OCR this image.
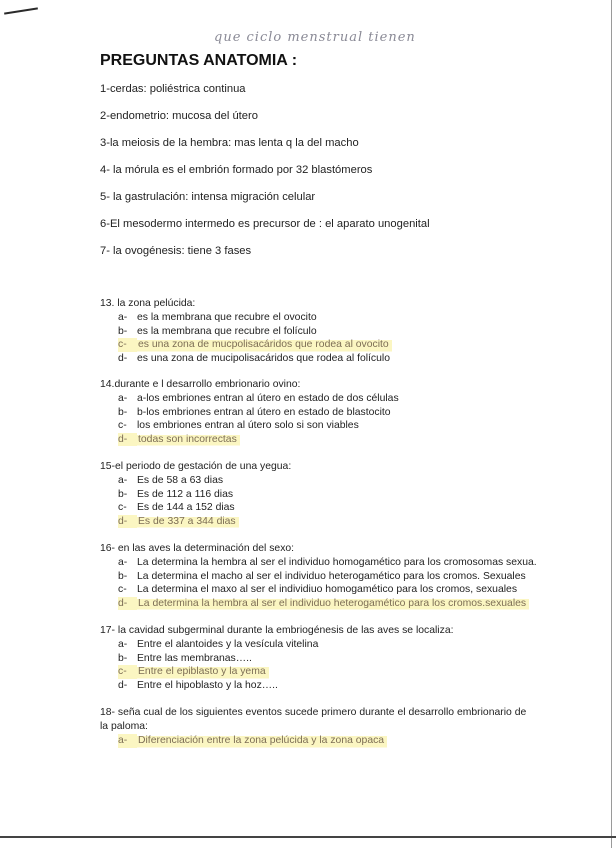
que ciclo menstrual tienen
PREGUNTAS ANATOMIA :
1-cerdas: poliéstrica continua
2-endometrio: mucosa del útero
3-la meiosis de la hembra: mas lenta q la del macho
4- la mórula es el embrión formado por 32 blastómeros
5- la gastrulación: intensa migración celular
6-El mesodermo intermedo es precursor de : el aparato unogenital
7- la ovogénesis: tiene 3 fases
13. la zona pelúcida:
a- es la membrana que recubre el ovocito
b- es la membrana que recubre el folículo
c-	es una zona de mucpolisacáridos que rodea al ovocito
d- es una zona de mucipolisacáridos que rodea al folículo
14.durante e l desarrollo embrionario ovino:
a- a-los embriones entran al útero en estado de dos células
b- b-los embriones entran al útero en estado de blastocito
c- los embriones entran al útero solo si son viables
d-	todas son incorrectas
15-el periodo de gestación de una yegua:
a- Es de 58 a 63 dias
b- Es de 112 a 116 dias
c- Es de 144 a 152 dias
d-	Es de 337 a 344 dias
16- en las aves la determinación del sexo:
a- La determina la hembra al ser el individuo homogamético para los cromosomas sexua.
b- La determina el macho al ser el individuo heterogamético para los cromos. Sexuales
c- La determina el maxo al ser el individiuo homogamético para los cromos, sexuales
d-	La determina la hembra al ser el individuo heterogamético para los cromos.sexuales
17- la cavidad subgerminal durante la embriogénesis de las aves se localiza:
a- Entre el alantoides y la vesícula vitelina
b- Entre las membranas…..
c-	Entre el epiblasto y la yema
d- Entre el hipoblasto y la hoz…..
18- seña cual de los siguientes eventos sucede primero durante el desarrollo embrionario de la paloma:
a-	Diferenciación entre la zona pelúcida y la zona opaca
